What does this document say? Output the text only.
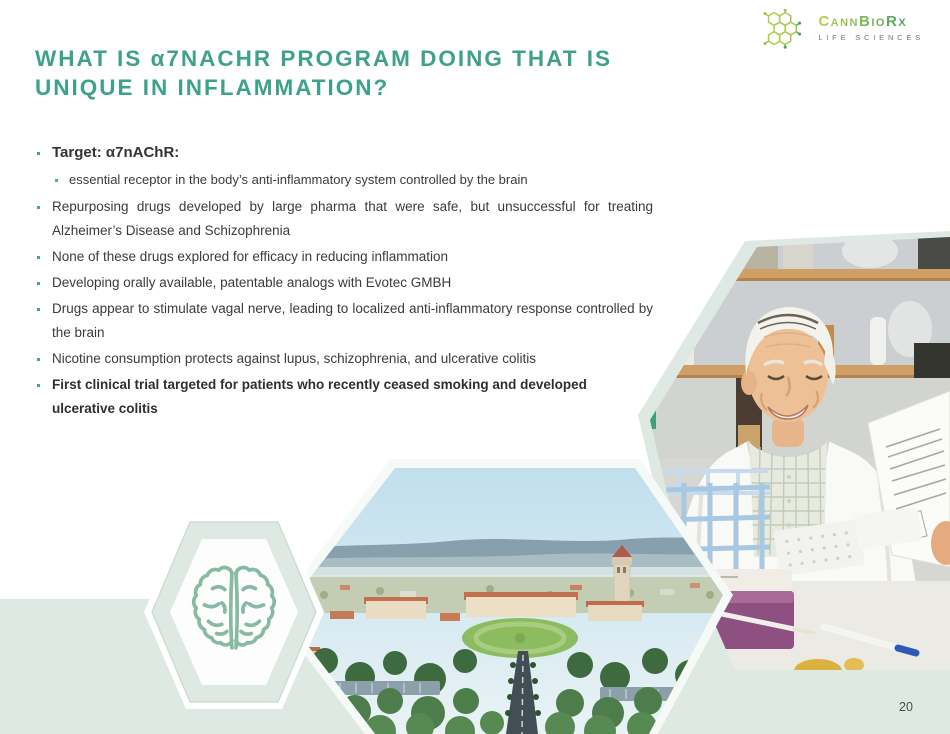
CANNBIORX
LIFE SCIENCES
WHAT IS α7NACHR PROGRAM DOING THAT IS
UNIQUE IN INFLAMMATION?
Target: α7nAChR:
essential receptor in the body’s anti-inflammatory system controlled by the brain
Repurposing drugs developed by large pharma that were safe, but unsuccessful for treating Alzheimer’s Disease and Schizophrenia
None of these drugs explored for efficacy in reducing inflammation
Developing orally available, patentable analogs with Evotec GMBH
Drugs appear to stimulate vagal nerve, leading to localized anti-inflammatory response controlled by the brain
Nicotine consumption protects against lupus, schizophrenia, and ulcerative colitis
First clinical trial targeted for patients who recently ceased smoking and developed ulcerative colitis
20
